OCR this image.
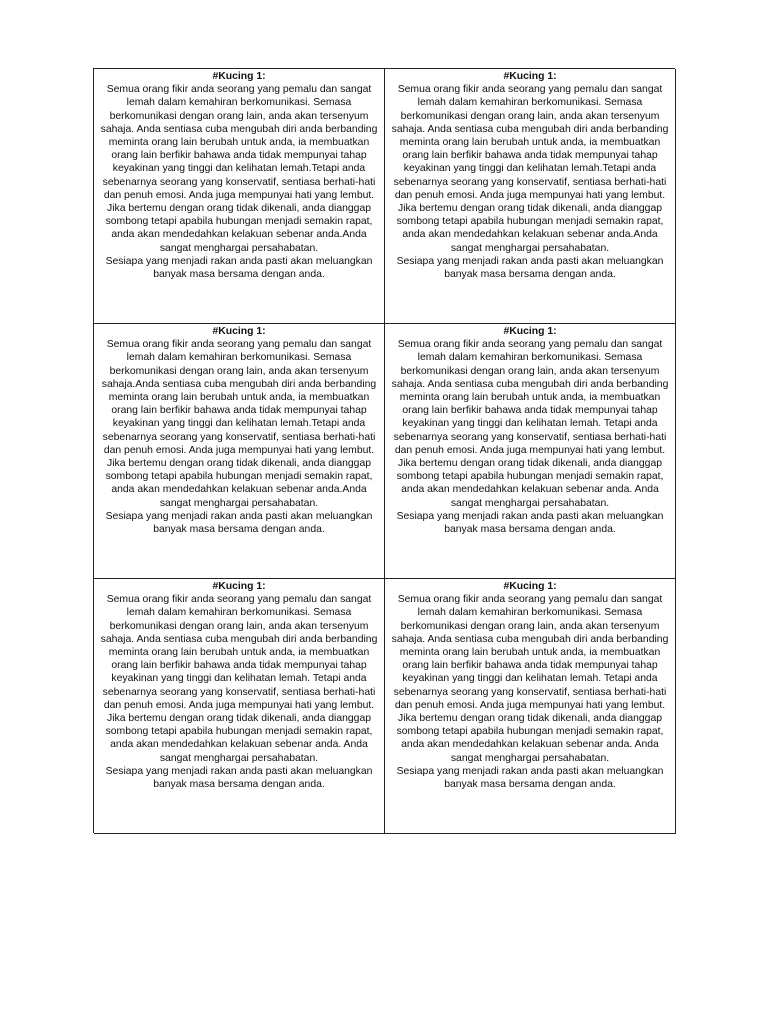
#Kucing 1:
Semua orang fikir anda seorang yang pemalu dan sangat lemah dalam kemahiran berkomunikasi. Semasa berkomunikasi dengan orang lain, anda akan tersenyum sahaja. Anda sentiasa cuba mengubah diri anda berbanding meminta orang lain berubah untuk anda, ia membuatkan orang lain berfikir bahawa anda tidak mempunyai tahap keyakinan yang tinggi dan kelihatan lemah.Tetapi anda sebenarnya seorang yang konservatif, sentiasa berhati-hati dan penuh emosi. Anda juga mempunyai hati yang lembut.
Jika bertemu dengan orang tidak dikenali, anda dianggap sombong tetapi apabila hubungan menjadi semakin rapat, anda akan mendedahkan kelakuan sebenar anda.Anda sangat menghargai persahabatan.
Sesiapa yang menjadi rakan anda pasti akan meluangkan banyak masa bersama dengan anda.
#Kucing 1:
Semua orang fikir anda seorang yang pemalu dan sangat lemah dalam kemahiran berkomunikasi. Semasa berkomunikasi dengan orang lain, anda akan tersenyum sahaja. Anda sentiasa cuba mengubah diri anda berbanding meminta orang lain berubah untuk anda, ia membuatkan orang lain berfikir bahawa anda tidak mempunyai tahap keyakinan yang tinggi dan kelihatan lemah.Tetapi anda sebenarnya seorang yang konservatif, sentiasa berhati-hati dan penuh emosi. Anda juga mempunyai hati yang lembut.
Jika bertemu dengan orang tidak dikenali, anda dianggap sombong tetapi apabila hubungan menjadi semakin rapat, anda akan mendedahkan kelakuan sebenar anda.Anda sangat menghargai persahabatan.
Sesiapa yang menjadi rakan anda pasti akan meluangkan banyak masa bersama dengan anda.
#Kucing 1:
Semua orang fikir anda seorang yang pemalu dan sangat lemah dalam kemahiran berkomunikasi. Semasa berkomunikasi dengan orang lain, anda akan tersenyum sahaja.Anda sentiasa cuba mengubah diri anda berbanding meminta orang lain berubah untuk anda, ia membuatkan orang lain berfikir bahawa anda tidak mempunyai tahap keyakinan yang tinggi dan kelihatan lemah.Tetapi anda sebenarnya seorang yang konservatif, sentiasa berhati-hati dan penuh emosi. Anda juga mempunyai hati yang lembut.
Jika bertemu dengan orang tidak dikenali, anda dianggap sombong tetapi apabila hubungan menjadi semakin rapat, anda akan mendedahkan kelakuan sebenar anda.Anda sangat menghargai persahabatan.
Sesiapa yang menjadi rakan anda pasti akan meluangkan banyak masa bersama dengan anda.
#Kucing 1:
Semua orang fikir anda seorang yang pemalu dan sangat lemah dalam kemahiran berkomunikasi. Semasa berkomunikasi dengan orang lain, anda akan tersenyum sahaja. Anda sentiasa cuba mengubah diri anda berbanding meminta orang lain berubah untuk anda, ia membuatkan orang lain berfikir bahawa anda tidak mempunyai tahap keyakinan yang tinggi dan kelihatan lemah. Tetapi anda sebenarnya seorang yang konservatif, sentiasa berhati-hati dan penuh emosi. Anda juga mempunyai hati yang lembut.
Jika bertemu dengan orang tidak dikenali, anda dianggap sombong tetapi apabila hubungan menjadi semakin rapat, anda akan mendedahkan kelakuan sebenar anda. Anda sangat menghargai persahabatan.
Sesiapa yang menjadi rakan anda pasti akan meluangkan banyak masa bersama dengan anda.
#Kucing 1:
Semua orang fikir anda seorang yang pemalu dan sangat lemah dalam kemahiran berkomunikasi. Semasa berkomunikasi dengan orang lain, anda akan tersenyum sahaja. Anda sentiasa cuba mengubah diri anda berbanding meminta orang lain berubah untuk anda, ia membuatkan orang lain berfikir bahawa anda tidak mempunyai tahap keyakinan yang tinggi dan kelihatan lemah. Tetapi anda sebenarnya seorang yang konservatif, sentiasa berhati-hati dan penuh emosi. Anda juga mempunyai hati yang lembut.
Jika bertemu dengan orang tidak dikenali, anda dianggap sombong tetapi apabila hubungan menjadi semakin rapat, anda akan mendedahkan kelakuan sebenar anda. Anda sangat menghargai persahabatan.
Sesiapa yang menjadi rakan anda pasti akan meluangkan banyak masa bersama dengan anda.
#Kucing 1:
Semua orang fikir anda seorang yang pemalu dan sangat lemah dalam kemahiran berkomunikasi. Semasa berkomunikasi dengan orang lain, anda akan tersenyum sahaja. Anda sentiasa cuba mengubah diri anda berbanding meminta orang lain berubah untuk anda, ia membuatkan orang lain berfikir bahawa anda tidak mempunyai tahap keyakinan yang tinggi dan kelihatan lemah. Tetapi anda sebenarnya seorang yang konservatif, sentiasa berhati-hati dan penuh emosi. Anda juga mempunyai hati yang lembut.
Jika bertemu dengan orang tidak dikenali, anda dianggap sombong tetapi apabila hubungan menjadi semakin rapat, anda akan mendedahkan kelakuan sebenar anda. Anda sangat menghargai persahabatan.
Sesiapa yang menjadi rakan anda pasti akan meluangkan banyak masa bersama dengan anda.
